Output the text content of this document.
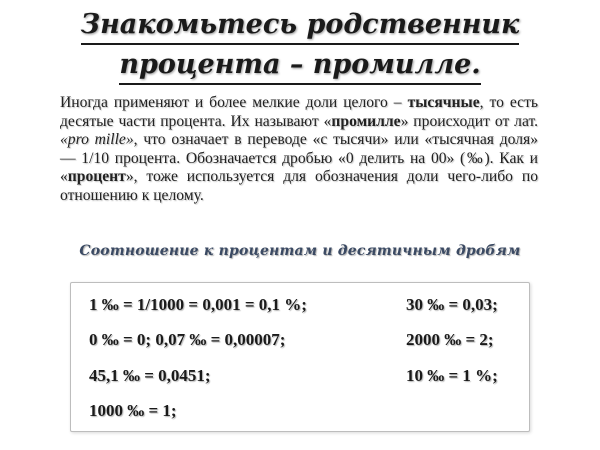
Знакомьтесь родственник
процента – промилле.
Иногда применяют и более мелкие доли целого – тысячные, то есть десятые части процента. Их называют «промилле» происходит от лат. «pro mille», что означает в переводе «с тысячи» или «тысячная доля» — 1/10 процента. Обозначается дробью «0 делить на 00» (‰). Как и «процент», тоже используется для обозначения доли чего-либо по отношению к целому.
Соотношение к процентам и десятичным дробям
1 ‰ = 1/1000 = 0,001 = 0,1 %;
0 ‰ = 0; 0,07 ‰ = 0,00007;
45,1 ‰ = 0,0451;
1000 ‰ = 1;
30 ‰ = 0,03;
2000 ‰ = 2;
10 ‰ = 1 %;
